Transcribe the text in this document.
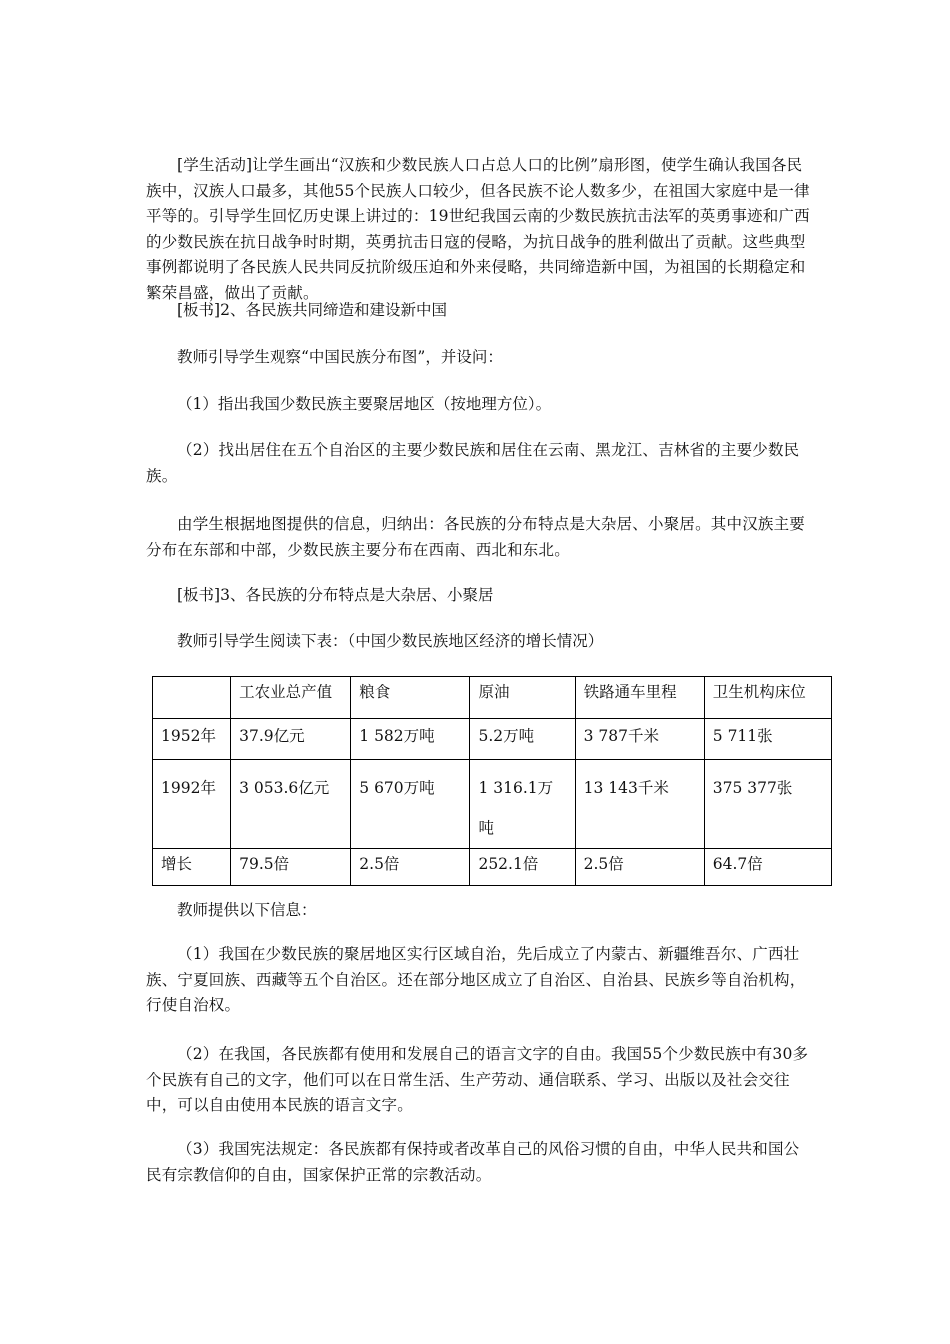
[学生活动]让学生画出“汉族和少数民族人口占总人口的比例”扇形图，使学生确认我国各民族中，汉族人口最多，其他55个民族人口较少，但各民族不论人数多少，在祖国大家庭中是一律平等的。引导学生回忆历史课上讲过的：19世纪我国云南的少数民族抗击法军的英勇事迹和广西的少数民族在抗日战争时时期，英勇抗击日寇的侵略，为抗日战争的胜利做出了贡献。这些典型事例都说明了各民族人民共同反抗阶级压迫和外来侵略，共同缔造新中国，为祖国的长期稳定和繁荣昌盛，做出了贡献。

[板书]2、各民族共同缔造和建设新中国

教师引导学生观察“中国民族分布图”，并设问：

（1）指出我国少数民族主要聚居地区（按地理方位）。

（2）找出居住在五个自治区的主要少数民族和居住在云南、黑龙江、吉林省的主要少数民族。

由学生根据地图提供的信息，归纳出：各民族的分布特点是大杂居、小聚居。其中汉族主要分布在东部和中部，少数民族主要分布在西南、西北和东北。

[板书]3、各民族的分布特点是大杂居、小聚居

教师引导学生阅读下表：（中国少数民族地区经济的增长情况）

	工农业总产值	粮食	原油	铁路通车里程	卫生机构床位
1952年	37.9亿元	1 582万吨	5.2万吨	3 787千米	5 711张
1992年	3 053.6亿元	5 670万吨	1 316.1万吨	13 143千米	375 377张
增长	79.5倍	2.5倍	252.1倍	2.5倍	64.7倍

教师提供以下信息：

（1）我国在少数民族的聚居地区实行区域自治，先后成立了内蒙古、新疆维吾尔、广西壮族、宁夏回族、西藏等五个自治区。还在部分地区成立了自治区、自治县、民族乡等自治机构，行使自治权。

（2）在我国，各民族都有使用和发展自己的语言文字的自由。我国55个少数民族中有30多个民族有自己的文字，他们可以在日常生活、生产劳动、通信联系、学习、出版以及社会交往中，可以自由使用本民族的语言文字。

（3）我国宪法规定：各民族都有保持或者改革自己的风俗习惯的自由，中华人民共和国公民有宗教信仰的自由，国家保护正常的宗教活动。
